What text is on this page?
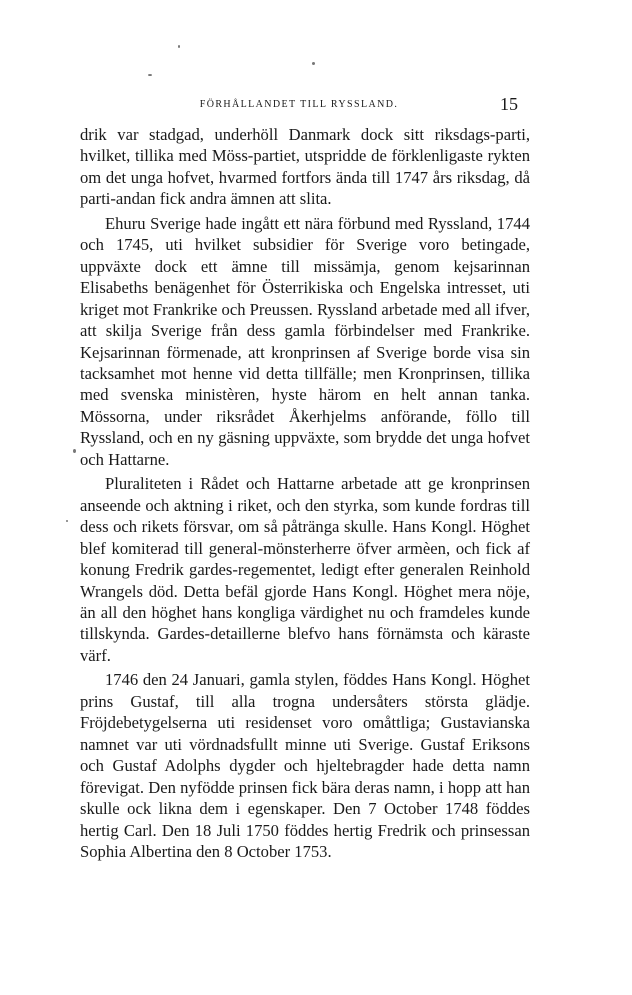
FÖRHÅLLANDET TILL RYSSLAND.	15

drik var stadgad, underhöll Danmark dock sitt riksdags-parti, hvilket, tillika med Möss-partiet, utspridde de förklenligaste rykten om det unga hofvet, hvarmed fortfors ända till 1747 års riksdag, då parti-andan fick andra ämnen att slita.

Ehuru Sverige hade ingått ett nära förbund med Ryssland, 1744 och 1745, uti hvilket subsidier för Sverige voro betingade, uppväxte dock ett ämne till missämja, genom kejsarinnan Elisabeths benägenhet för Österrikiska och Engelska intresset, uti kriget mot Frankrike och Preussen. Ryssland arbetade med all ifver, att skilja Sverige från dess gamla förbindelser med Frankrike. Kejsarinnan förmenade, att kronprinsen af Sverige borde visa sin tacksamhet mot henne vid detta tillfälle; men Kronprinsen, tillika med svenska ministèren, hyste härom en helt annan tanka. Mössorna, under riksrådet Åkerhjelms anförande, föllo till Ryssland, och en ny gäsning uppväxte, som brydde det unga hofvet och Hattarne.

Pluraliteten i Rådet och Hattarne arbetade att ge kronprinsen anseende och aktning i riket, och den styrka, som kunde fordras till dess och rikets försvar, om så påtränga skulle. Hans Kongl. Höghet blef komiterad till general-mönsterherre öfver armèen, och fick af konung Fredrik gardes-regementet, ledigt efter generalen Reinhold Wrangels död. Detta befäl gjorde Hans Kongl. Höghet mera nöje, än all den höghet hans kongliga värdighet nu och framdeles kunde tillskynda. Gardes-detaillerne blefvo hans förnämsta och käraste värf.

1746 den 24 Januari, gamla stylen, föddes Hans Kongl. Höghet prins Gustaf, till alla trogna undersåters största glädje. Fröjdebetygelserna uti residenset voro omåttliga; Gustavianska namnet var uti vördnadsfullt minne uti Sverige. Gustaf Eriksons och Gustaf Adolphs dygder och hjeltebragder hade detta namn förevigat. Den nyfödde prinsen fick bära deras namn, i hopp att han skulle ock likna dem i egenskaper. Den 7 October 1748 föddes hertig Carl. Den 18 Juli 1750 föddes hertig Fredrik och prinsessan Sophia Albertina den 8 October 1753.
